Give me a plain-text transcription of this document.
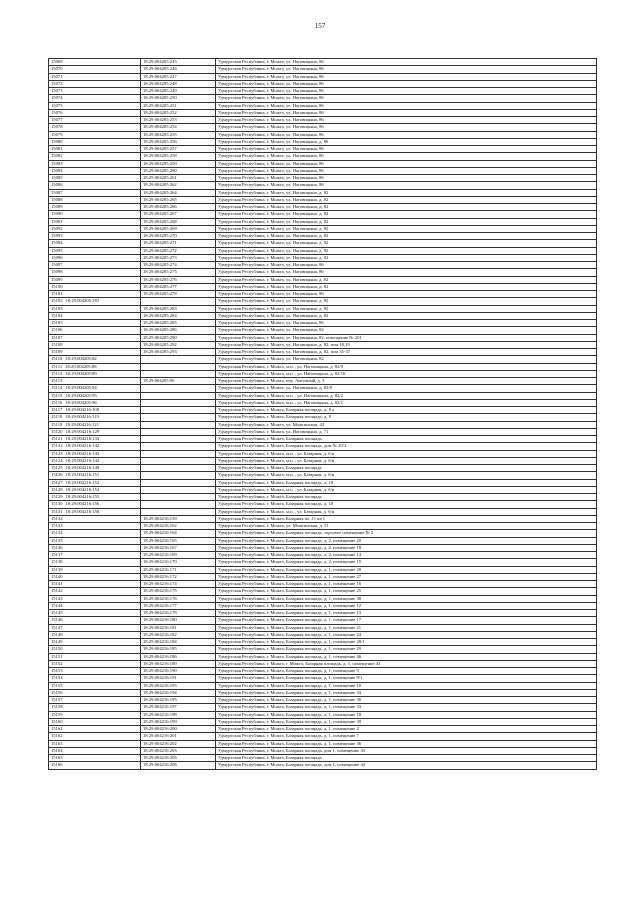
157
15069	18:29:004205:245	Удмуртская Республика, г. Можга, ул. Наговицына, 86
15070	18:29:004205:246	Удмуртская Республика, г. Можга, ул. Наговицына, 86
15071	18:29:004205:247	Удмуртская Республика, г. Можга, ул. Наговицына, 86
15072	18:29:004205:248	Удмуртская Республика, г. Можга, ул. Наговицына, 86
15073	18:29:004205:249	Удмуртская Республика, г. Можга, ул. Наговицына, 86
15074	18:29:004205:250	Удмуртская Республика, г. Можга, ул. Наговицына, 86
15075	18:29:004205:251	Удмуртская Республика, г. Можга, ул. Наговицына, 86
15076	18:29:004205:252	Удмуртская Республика, г. Можга, ул. Наговицына, 86
15077	18:29:004205:253	Удмуртская Республика, г. Можга, ул. Наговицына, 86
15078	18:29:004205:254	Удмуртская Республика, г. Можга, ул. Наговицына, 86
15079	18:29:004205:255	Удмуртская Республика, г. Можга, ул. Наговицына, 86
15080	18:29:004205:256	Удмуртская Республика, г. Можга, ул. Наговицына, д. 86
15081	18:29:004205:257	Удмуртская Республика, г. Можга, ул. Наговицына, 86
15082	18:29:004205:258	Удмуртская Республика, г. Можга, ул. Наговицына, 86
15083	18:29:004205:259	Удмуртская Республика, г. Можга, ул. Наговицына, 86
15084	18:29:004205:260	Удмуртская Республика, г. Можга, ул. Наговицына, 86
15085	18:29:004205:261	Удмуртская Республика, г. Можга, ул. Наговицына, 86
15086	18:29:004205:262	Удмуртская Республика, г. Можга, ул. Наговицына, 86
15087	18:29:004205:264	Удмуртская Республика, г. Можга, ул. Наговицына, д. 82
15088	18:29:004205:265	Удмуртская Республика, г. Можга, ул. Наговицына, д. 82
15089	18:29:004205:266	Удмуртская Республика, г. Можга, ул. Наговицына, д. 82
15090	18:29:004205:267	Удмуртская Республика, г. Можга, ул. Наговицына, д. 82
15091	18:29:004205:268	Удмуртская Республика, г. Можга, ул. Наговицына, д. 82
15092	18:29:004205:269	Удмуртская Республика, г. Можга, ул. Наговицына, д. 82
15093	18:29:004205:270	Удмуртская Республика, г. Можга, ул. Наговицына, д. 82
15094	18:29:004205:271	Удмуртская Республика, г. Можга, ул. Наговицына, д. 82
15095	18:29:004205:272	Удмуртская Республика, г. Можга, ул. Наговицына, д. 82
15096	18:29:004205:273	Удмуртская Республика, г. Можга, ул. Наговицына, д. 82
15097	18:29:004205:274	Удмуртская Республика, г. Можга, ул. Наговицына, 86
15098	18:29:004205:275	Удмуртская Республика, г. Можга, ул. Наговицына, 86
15099	18:29:004205:276	Удмуртская Республика, г. Можга, ул. Наговицына, д. 82
15100	18:29:004205:277	Удмуртская Республика, г. Можга, ул. Наговицына, д. 82
15101	18:29:004205:278	Удмуртская Республика, г. Можга, ул. Наговицына, 86
15102 18:29:004205:281		Удмуртская Республика, г. Можга, ул. Наговицына, д. 82
15103	18:29:004205:283	Удмуртская Республика, г. Можга, ул. Наговицына, д. 82
15104	18:29:004205:284	Удмуртская Республика, г. Можга, ул. Наговицына, д. 82
15105	18:29:004205:285	Удмуртская Республика, г. Можга, ул. Наговицына, 86
15106	18:29:004205:286	Удмуртская Республика, г. Можга, ул. Наговицына, 82
15107	18:29:004205:290	Удмуртская Республика, г. Можга, ул. Наговицына, 82, помещение № 201
15108	18:29:004205:292	Удмуртская Республика, г. Можга, ул. Наговицына, д. 82, пом.18,19
15109	18:29:004205:293	Удмуртская Республика, г. Можга, ул. Наговицына, д. 82, пом 35-37
15110 18:29:004205:82		Удмуртская Республика, г. Можга, ул. Наговицына, 82
15111 18:29:004205:88		Удмуртская Республика, г. Можга, м.п. , ул. Наговицына, д. 82/9
15112 18:29:004205:89		Удмуртская Республика, г. Можга, м.п. , ул. Наговицына, д. 82/16
15113	18:29:004205:90	Удмуртская Республика, г. Можга, пер. Ангочный, д. 3
15114 18:29:004205:94		Удмуртская Республика, г. Можга, ул. Наговицына, д. 82/8
15115 18:29:004205:95		Удмуртская Республика, г. Можга, м.п. , ул. Наговицына, д. 82/2
15116 18:29:004205:96		Удмуртская Республика, г. Можга, м.п. , ул. Наговицына, д. 82/1
15117 18:29:004216:108		Удмуртская Республика, г. Можга, Базарная площадь, д. 8 а
15118 18:29:004216:119		Удмуртская Республика, г. Можга, Базарная площадь, д. 8
15119 18:29:004216:121		Удмуртская Республика, г. Можга, ул. Можгинская, 43
15120 18:29:004216:129		Удмуртская Республика, г. Можга, ул. Наговицына, д. 71
15121 18:29:004216:133		Удмуртская Республика, г. Можга, Базарная площадь
15122 18:29:004216:142		Удмуртская Республика, г. Можга, Базарная площадь, дом № 20/2
15123 18:29:004216:143		Удмуртская Республика, г. Можга, м.п. , ул. Базарная, д. б/н
15124 18:29:004216:144		Удмуртская Республика, г. Можга, м.п. , ул. Базарная, д. б/н
15125 18:29:004216:149		Удмуртская Республика, г. Можга, Базарная площадь
15126 18:29:004216:151		Удмуртская Республика, г. Можга, м.п. , ул. Базарная, д. б/н
15127 18:29:004216:152		Удмуртская Республика, г. Можга, Базарная площадь, д. 18
15128 18:29:004216:154		Удмуртская Республика, г. Можга, м.п. , ул. Базарная, д. б/н
15129 18:29:004216:155		Удмуртская Республика, г. Можга, Базарная площадь
15130 18:29:004216:156		Удмуртская Республика, г. Можга, Базарная площадь, д. 18
15131 18:29:004216:158		Удмуртская Республика, г. Можга, м.п. , ул. Базарная, д. б/н
15132	18:29:004216:159	Удмуртская Республика, г. Можга, Базарная пл.,11 кв 1
15133	18:29:004216:162	Удмуртская Республика, г. Можга, ул. Можгинская, д. 51
15134	18:29:004216:164	Удмуртская Республика, г. Можга, Базарная площадь, торговое помещение № 2
15135	18:29:004216:165	Удмуртская Республика, г. Можга, Базарная площадь, д. 2, помещение 20
15136	18:29:004216:167	Удмуртская Республика, г. Можга, Базарная площадь, д. 2, помещение 18
15137	18:29:004216:169	Удмуртская Республика, г. Можга, Базарная площадь, д. 2, помещение 14
15138	18:29:004216:170	Удмуртская Республика, г. Можга, Базарная площадь, д. 2, помещение 15
15139	18:29:004216:171	Удмуртская Республика, г. Можга, Базарная площадь, д. 1, помещение 28
15140	18:29:004216:172	Удмуртская Республика, г. Можга, Базарная площадь, д. 1, помещение 27
15141	18:29:004216:174	Удмуртская Республика, г. Можга, Базарная площадь, д. 1, помещение 16
15142	18:29:004216:175	Удмуртская Республика, г. Можга, Базарная площадь, д. 1, помещение 25
15143	18:29:004216:176	Удмуртская Республика, г. Можга, Базарная площадь, д. 1, помещение 38
15144	18:29:004216:177	Удмуртская Республика, г. Можга, Базарная площадь, д. 1, помещение 12
15145	18:29:004216:178	Удмуртская Республика, г. Можга, Базарная площадь, д. 1, помещение 13
15146	18:29:004216:180	Удмуртская Республика, г. Можга, Базарная площадь, д. 1, помещение 17
15147	18:29:004216:181	Удмуртская Республика, г. Можга, Базарная площадь, д. 1, помещение 21
15148	18:29:004216:182	Удмуртская Республика, г. Можга, Базарная площадь, д. 1, помещение 24
15149	18:29:004216:184	Удмуртская Республика, г. Можга, Базарная площадь, д. 1, помещение 28/1
15150	18:29:004216:185	Удмуртская Республика, г. Можга, Базарная площадь, д. 1, помещение 29
15151	18:29:004216:186	Удмуртская Республика, г. Можга, Базарная площадь, д. 1, помещение 46
15152	18:29:004216:189	Удмуртская Республика, г. Можга, г. Можга, Базарная площадь, д. 1, помещение 43
15153	18:29:004216:190	Удмуртская Республика, г. Можга, Базарная площадь, д. 1, помещение 9
15154	18:29:004216:191	Удмуртская Республика, г. Можга, Базарная площадь, д. 1, помещение 9/1
15155	18:29:004216:193	Удмуртская Республика, г. Можга, Базарная площадь, д. 1, помещение 10
15156	18:29:004216:194	Удмуртская Республика, г. Можга, Базарная площадь, д. 1, помещение 34
15157	18:29:004216:195	Удмуртская Республика, г. Можга, Базарная площадь, д. 1, помещение 30
15158	18:29:004216:197	Удмуртская Республика, г. Можга, Базарная площадь, д. 1, помещение 33
15159	18:29:004216:198	Удмуртская Республика, г. Можга, Базарная площадь, д. 1, помещение 18
15160	18:29:004216:199	Удмуртская Республика, г. Можга, Базарная площадь, д. 1, помещение 39
15161	18:29:004216:200	Удмуртская Республика, г. Можга, Базарная площадь, д. 1, помещение 4
15162	18:29:004216:201	Удмуртская Республика, г. Можга, Базарная площадь, д. 1, помещение 7
15163	18:29:004216:202	Удмуртская Республика, г. Можга, Базарная площадь, д. 1, помещение 36
15164	18:29:004216:203	Удмуртская Республика, г. Можга, Базарная площадь, дом 1, помещение 43
15165	18:29:004216:205	Удмуртская Республика, г. Можга, Базарная площадь
15166	18:29:004216:206	Удмуртская Республика, г. Можга, Базарная площадь, дом 1, помещение 44
